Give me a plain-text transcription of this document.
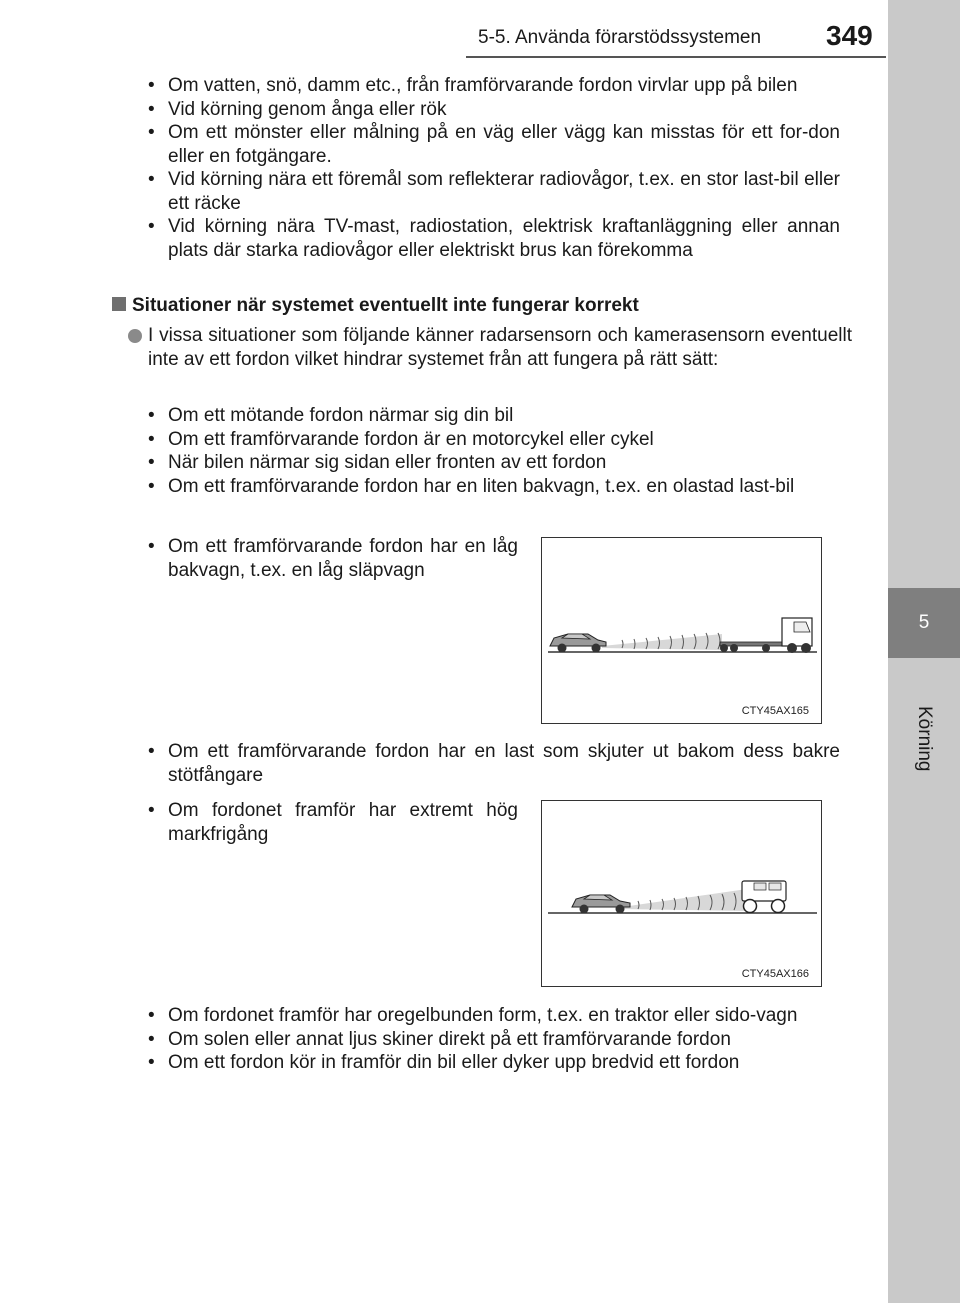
5-5. Använda förarstödssystemen 349
5
Körning
• Om vatten, snö, damm etc., från framförvarande fordon virvlar upp på bilen
• Vid körning genom ånga eller rök
• Om ett mönster eller målning på en väg eller vägg kan misstas för ett for-don eller en fotgängare.
• Vid körning nära ett föremål som reflekterar radiovågor, t.ex. en stor last-bil eller ett räcke
• Vid körning nära TV-mast, radiostation, elektrisk kraftanläggning eller annan plats där starka radiovågor eller elektriskt brus kan förekomma
Situationer när systemet eventuellt inte fungerar korrekt
I vissa situationer som följande känner radarsensorn och kamerasensorn eventuellt inte av ett fordon vilket hindrar systemet från att fungera på rätt sätt:
• Om ett mötande fordon närmar sig din bil
• Om ett framförvarande fordon är en motorcykel eller cykel
• När bilen närmar sig sidan eller fronten av ett fordon
• Om ett framförvarande fordon har en liten bakvagn, t.ex. en olastad last-bil
• Om ett framförvarande fordon har en låg bakvagn, t.ex. en låg släpvagn
CTY45AX165
• Om ett framförvarande fordon har en last som skjuter ut bakom dess bakre stötfångare
• Om fordonet framför har extremt hög markfrigång
CTY45AX166
• Om fordonet framför har oregelbunden form, t.ex. en traktor eller sido-vagn
• Om solen eller annat ljus skiner direkt på ett framförvarande fordon
• Om ett fordon kör in framför din bil eller dyker upp bredvid ett fordon
